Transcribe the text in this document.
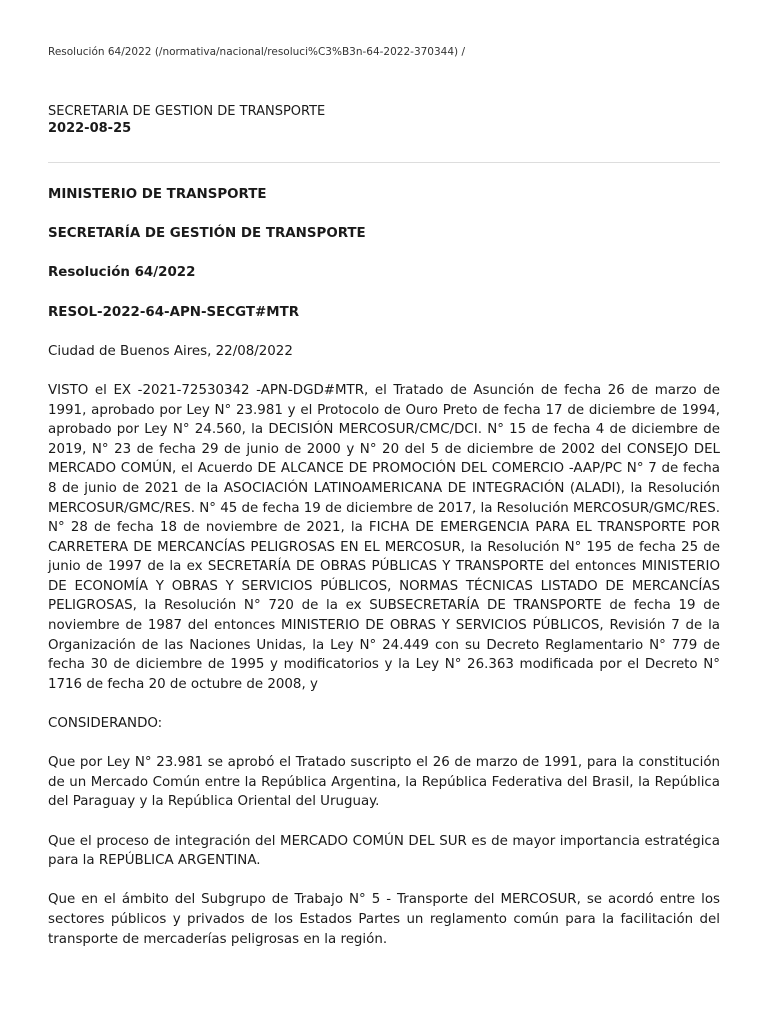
Resolución 64/2022 (/normativa/nacional/resoluci%C3%B3n-64-2022-370344) /
SECRETARIA DE GESTION DE TRANSPORTE
2022-08-25

MINISTERIO DE TRANSPORTE

SECRETARÍA DE GESTIÓN DE TRANSPORTE

Resolución 64/2022

RESOL-2022-64-APN-SECGT#MTR

Ciudad de Buenos Aires, 22/08/2022

VISTO el EX -2021-72530342 -APN-DGD#MTR, el Tratado de Asunción de fecha 26 de marzo de 1991, aprobado por Ley N° 23.981 y el Protocolo de Ouro Preto de fecha 17 de diciembre de 1994, aprobado por Ley N° 24.560, la DECISIÓN MERCOSUR/CMC/DCI. N° 15 de fecha 4 de diciembre de 2019, N° 23 de fecha 29 de junio de 2000 y N° 20 del 5 de diciembre de 2002 del CONSEJO DEL MERCADO COMÚN, el Acuerdo DE ALCANCE DE PROMOCIÓN DEL COMERCIO -AAP/PC N° 7 de fecha 8 de junio de 2021 de la ASOCIACIÓN LATINOAMERICANA DE INTEGRACIÓN (ALADI), la Resolución MERCOSUR/GMC/RES. N° 45 de fecha 19 de diciembre de 2017, la Resolución MERCOSUR/GMC/RES. N° 28 de fecha 18 de noviembre de 2021, la FICHA DE EMERGENCIA PARA EL TRANSPORTE POR CARRETERA DE MERCANCÍAS PELIGROSAS EN EL MERCOSUR, la Resolución N° 195 de fecha 25 de junio de 1997 de la ex SECRETARÍA DE OBRAS PÚBLICAS Y TRANSPORTE del entonces MINISTERIO DE ECONOMÍA Y OBRAS Y SERVICIOS PÚBLICOS, NORMAS TÉCNICAS LISTADO DE MERCANCÍAS PELIGROSAS, la Resolución N° 720 de la ex SUBSECRETARÍA DE TRANSPORTE de fecha 19 de noviembre de 1987 del entonces MINISTERIO DE OBRAS Y SERVICIOS PÚBLICOS, Revisión 7 de la Organización de las Naciones Unidas, la Ley N° 24.449 con su Decreto Reglamentario N° 779 de fecha 30 de diciembre de 1995 y modificatorios y la Ley N° 26.363 modificada por el Decreto N° 1716 de fecha 20 de octubre de 2008, y

CONSIDERANDO:

Que por Ley N° 23.981 se aprobó el Tratado suscripto el 26 de marzo de 1991, para la constitución de un Mercado Común entre la República Argentina, la República Federativa del Brasil, la República del Paraguay y la República Oriental del Uruguay.

Que el proceso de integración del MERCADO COMÚN DEL SUR es de mayor importancia estratégica para la REPÚBLICA ARGENTINA.

Que en el ámbito del Subgrupo de Trabajo N° 5 - Transporte del MERCOSUR, se acordó entre los sectores públicos y privados de los Estados Partes un reglamento común para la facilitación del transporte de mercaderías peligrosas en la región.
